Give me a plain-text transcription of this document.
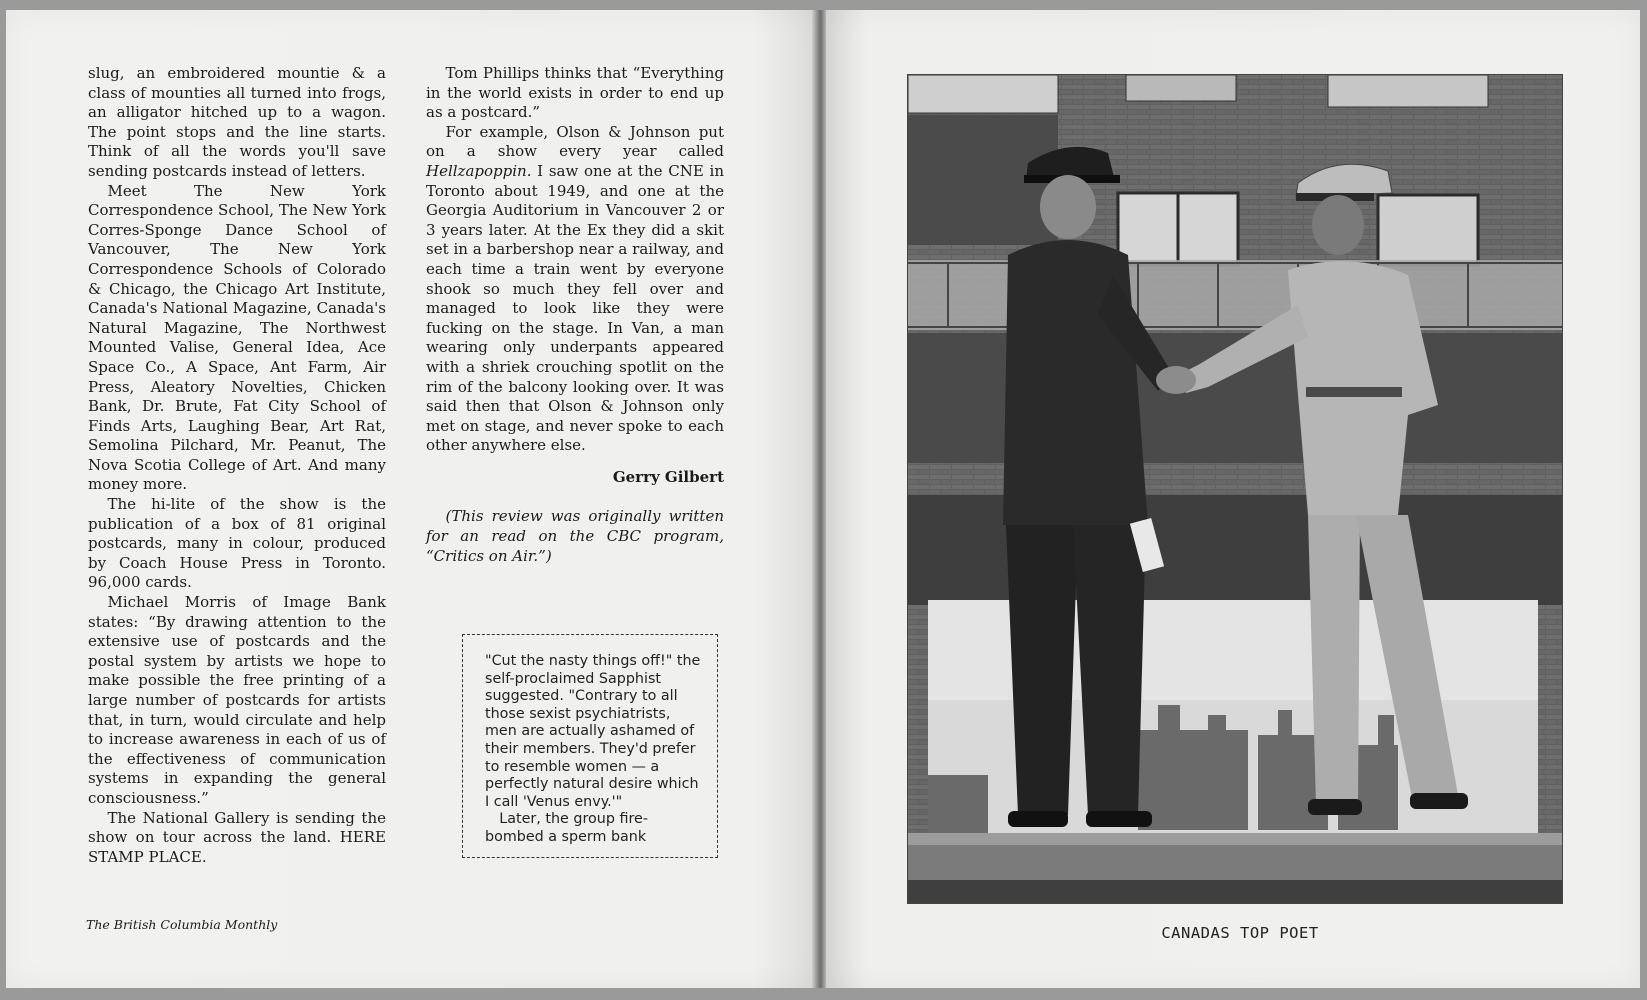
slug, an embroidered mountie & a class of mounties all turned into frogs, an alligator hitched up to a wagon. The point stops and the line starts. Think of all the words you'll save sending postcards instead of letters.

Meet The New York Correspondence School, The New York Corres-Sponge Dance School of Vancouver, The New York Correspondence Schools of Colorado & Chicago, the Chicago Art Institute, Canada's National Magazine, Canada's Natural Magazine, The Northwest Mounted Valise, General Idea, Ace Space Co., A Space, Ant Farm, Air Press, Aleatory Novelties, Chicken Bank, Dr. Brute, Fat City School of Finds Arts, Laughing Bear, Art Rat, Semolina Pilchard, Mr. Peanut, The Nova Scotia College of Art. And many money more.

The hi-lite of the show is the publication of a box of 81 original postcards, many in colour, produced by Coach House Press in Toronto. 96,000 cards.

Michael Morris of Image Bank states: “By drawing attention to the extensive use of postcards and the postal system by artists we hope to make possible the free printing of a large number of postcards for artists that, in turn, would circulate and help to increase awareness in each of us of the effectiveness of communication systems in expanding the general consciousness.”

The National Gallery is sending the show on tour across the land. HERE STAMP PLACE.

Tom Phillips thinks that “Everything in the world exists in order to end up as a postcard.”

For example, Olson & Johnson put on a show every year called Hellzapoppin. I saw one at the CNE in Toronto about 1949, and one at the Georgia Auditorium in Vancouver 2 or 3 years later. At the Ex they did a skit set in a barbershop near a railway, and each time a train went by everyone shook so much they fell over and managed to look like they were fucking on the stage. In Van, a man wearing only underpants appeared with a shriek crouching spotlit on the rim of the balcony looking over. It was said then that Olson & Johnson only met on stage, and never spoke to each other anywhere else.

Gerry Gilbert

(This review was originally written for an read on the CBC program, “Critics on Air.”)

"Cut the nasty things off!" the self-proclaimed Sapphist suggested. "Contrary to all those sexist psychiatrists, men are actually ashamed of their members. They'd prefer to resemble women — a perfectly natural desire which I call 'Venus envy.'"

Later, the group fire-bombed a sperm bank

The British Columbia Monthly	CANADAS TOP POET
